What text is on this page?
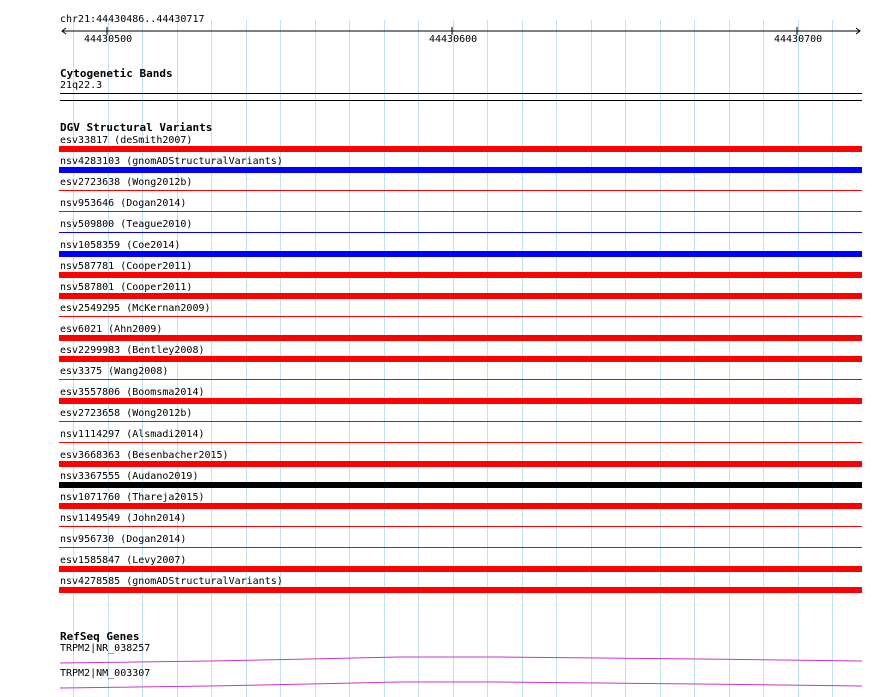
chr21:44430486..44430717
44430500	44430600	44430700
Cytogenetic Bands
21q22.3
DGV Structural Variants
esv33817 (deSmith2007)
nsv4283103 (gnomADStructuralVariants)
esv2723638 (Wong2012b)
nsv953646 (Dogan2014)
nsv509800 (Teague2010)
nsv1058359 (Coe2014)
nsv587781 (Cooper2011)
nsv587801 (Cooper2011)
esv2549295 (McKernan2009)
esv6021 (Ahn2009)
esv2299983 (Bentley2008)
esv3375 (Wang2008)
esv3557806 (Boomsma2014)
esv2723658 (Wong2012b)
nsv1114297 (Alsmadi2014)
esv3668363 (Besenbacher2015)
nsv3367555 (Audano2019)
nsv1071760 (Thareja2015)
nsv1149549 (John2014)
nsv956730 (Dogan2014)
esv1585847 (Levy2007)
nsv4278585 (gnomADStructuralVariants)
RefSeq Genes
TRPM2|NR_038257
TRPM2|NM_003307
